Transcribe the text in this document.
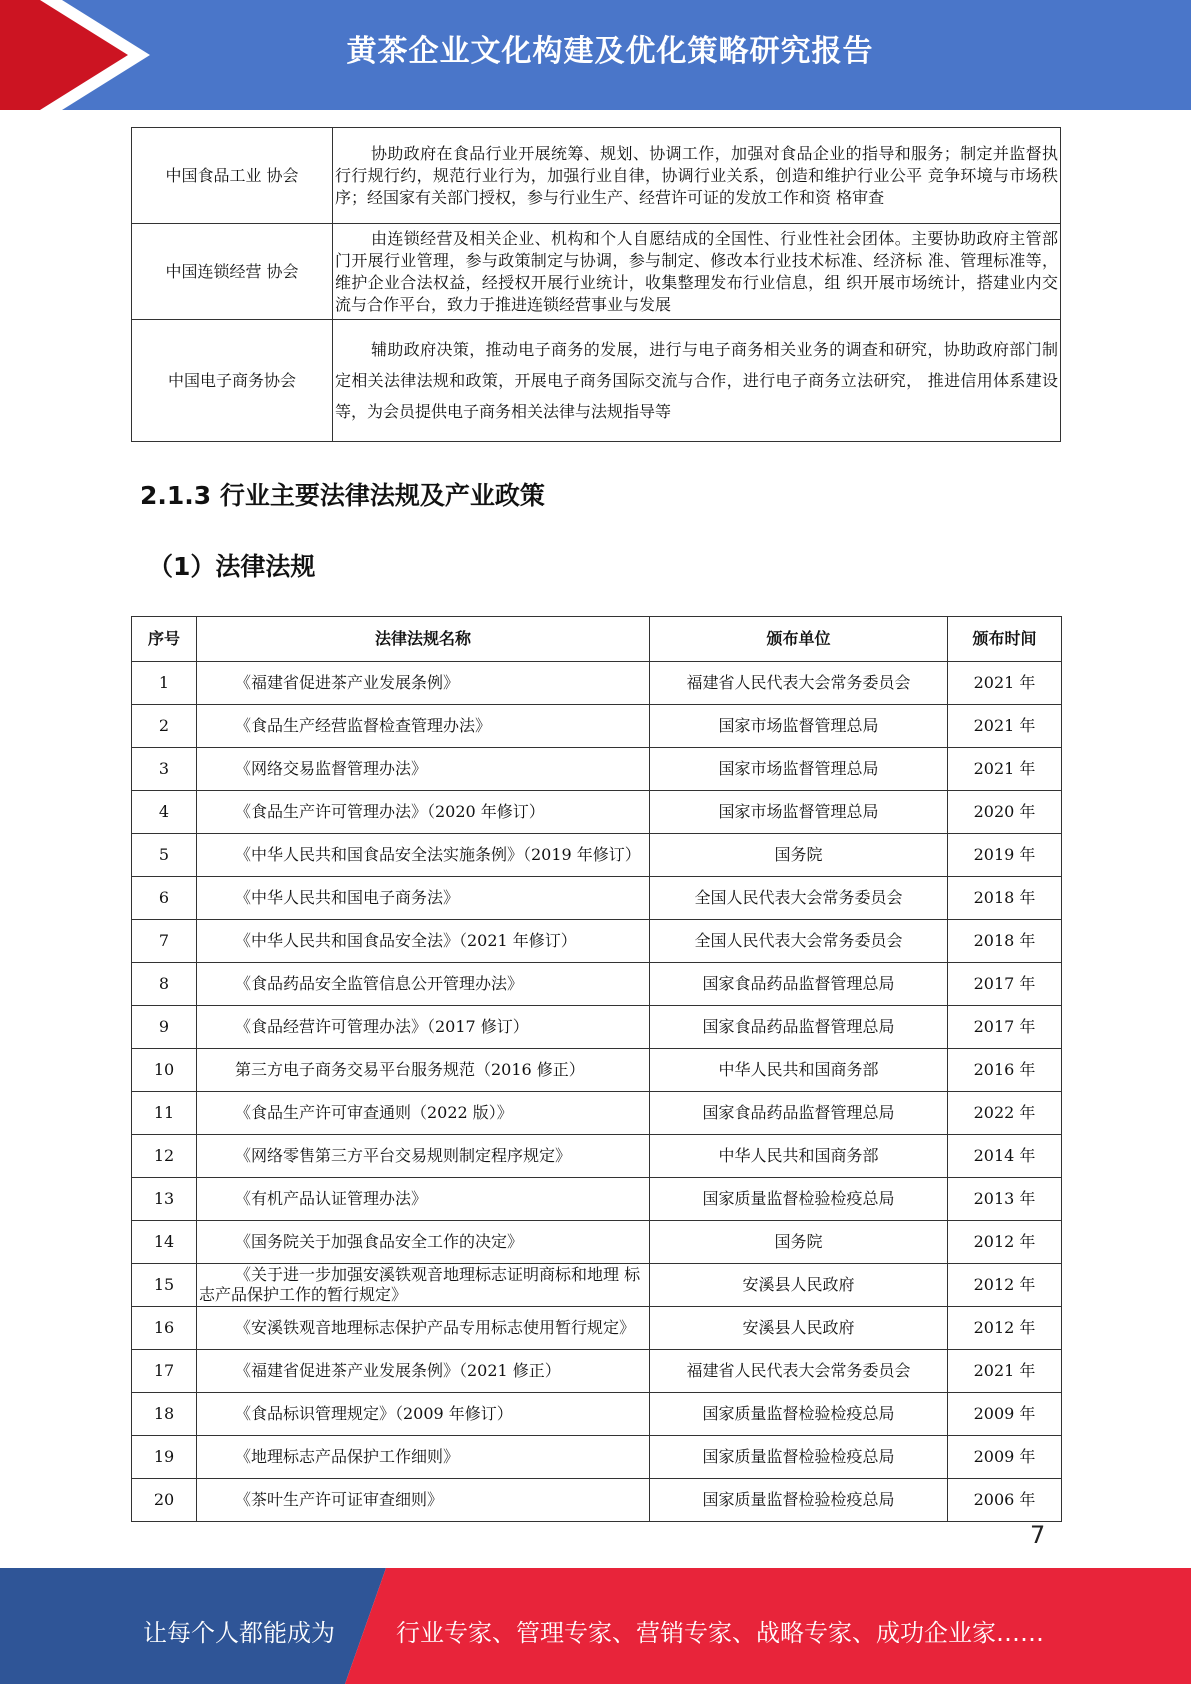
黄茶企业文化构建及优化策略研究报告
中国食品工业 协会	协助政府在食品行业开展统筹、规划、协调工作，加强对食品企业的指导和服务；制定并监督执行行规行约，规范行业行为，加强行业自律，协调行业关系，创造和维护行业公平 竞争环境与市场秩序；经国家有关部门授权，参与行业生产、经营许可证的发放工作和资 格审查
中国连锁经营 协会	由连锁经营及相关企业、机构和个人自愿结成的全国性、行业性社会团体。主要协助政府主管部门开展行业管理，参与政策制定与协调，参与制定、修改本行业技术标准、经济标 准、管理标准等，维护企业合法权益，经授权开展行业统计，收集整理发布行业信息，组 织开展市场统计，搭建业内交流与合作平台，致力于推进连锁经营事业与发展
中国电子商务协会	辅助政府决策，推动电子商务的发展，进行与电子商务相关业务的调查和研究，协助政府部门制定相关法律法规和政策，开展电子商务国际交流与合作，进行电子商务立法研究， 推进信用体系建设等，为会员提供电子商务相关法律与法规指导等
2.1.3 行业主要法律法规及产业政策
（1）法律法规
序号	法律法规名称	颁布单位	颁布时间
1	《福建省促进茶产业发展条例》	福建省人民代表大会常务委员会	2021 年
2	《食品生产经营监督检查管理办法》	国家市场监督管理总局	2021 年
3	《网络交易监督管理办法》	国家市场监督管理总局	2021 年
4	《食品生产许可管理办法》（2020 年修订）	国家市场监督管理总局	2020 年
5	《中华人民共和国食品安全法实施条例》（2019 年修订）	国务院	2019 年
6	《中华人民共和国电子商务法》	全国人民代表大会常务委员会	2018 年
7	《中华人民共和国食品安全法》（2021 年修订）	全国人民代表大会常务委员会	2018 年
8	《食品药品安全监管信息公开管理办法》	国家食品药品监督管理总局	2017 年
9	《食品经营许可管理办法》（2017 修订）	国家食品药品监督管理总局	2017 年
10	第三方电子商务交易平台服务规范（2016 修正）	中华人民共和国商务部	2016 年
11	《食品生产许可审查通则（2022 版）》	国家食品药品监督管理总局	2022 年
12	《网络零售第三方平台交易规则制定程序规定》	中华人民共和国商务部	2014 年
13	《有机产品认证管理办法》	国家质量监督检验检疫总局	2013 年
14	《国务院关于加强食品安全工作的决定》	国务院	2012 年
15	《关于进一步加强安溪铁观音地理标志证明商标和地理 标志产品保护工作的暂行规定》	安溪县人民政府	2012 年
16	《安溪铁观音地理标志保护产品专用标志使用暂行规定》	安溪县人民政府	2012 年
17	《福建省促进茶产业发展条例》（2021 修正）	福建省人民代表大会常务委员会	2021 年
18	《食品标识管理规定》（2009 年修订）	国家质量监督检验检疫总局	2009 年
19	《地理标志产品保护工作细则》	国家质量监督检验检疫总局	2009 年
20	《茶叶生产许可证审查细则》	国家质量监督检验检疫总局	2006 年
7
让每个人都能成为	行业专家、管理专家、营销专家、战略专家、成功企业家……
